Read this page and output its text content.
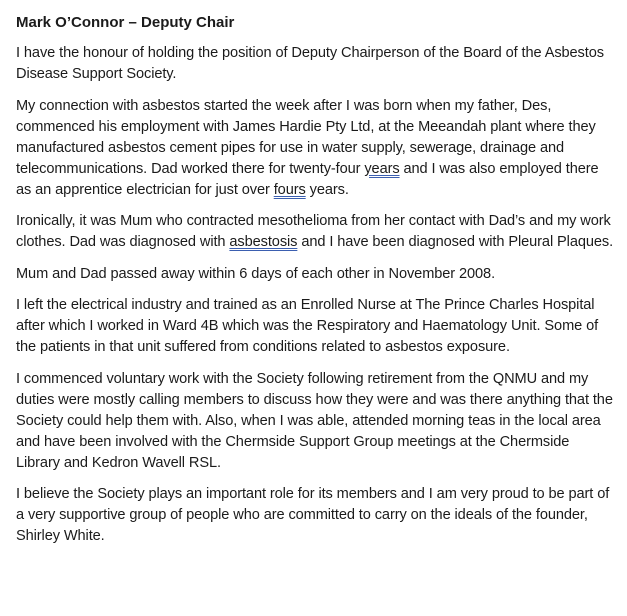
Mark O’Connor – Deputy Chair

I have the honour of holding the position of Deputy Chairperson of the Board of the Asbestos Disease Support Society.

My connection with asbestos started the week after I was born when my father, Des, commenced his employment with James Hardie Pty Ltd, at the Meeandah plant where they manufactured asbestos cement pipes for use in water supply, sewerage, drainage and telecommunications. Dad worked there for twenty-four years and I was also employed there as an apprentice electrician for just over fours years.

Ironically, it was Mum who contracted mesothelioma from her contact with Dad’s and my work clothes. Dad was diagnosed with asbestosis and I have been diagnosed with Pleural Plaques.

Mum and Dad passed away within 6 days of each other in November 2008.

I left the electrical industry and trained as an Enrolled Nurse at The Prince Charles Hospital after which I worked in Ward 4B which was the Respiratory and Haematology Unit. Some of the patients in that unit suffered from conditions related to asbestos exposure.

I commenced voluntary work with the Society following retirement from the QNMU and my duties were mostly calling members to discuss how they were and was there anything that the Society could help them with. Also, when I was able, attended morning teas in the local area and have been involved with the Chermside Support Group meetings at the Chermside Library and Kedron Wavell RSL.

I believe the Society plays an important role for its members and I am very proud to be part of a very supportive group of people who are committed to carry on the ideals of the founder, Shirley White.
